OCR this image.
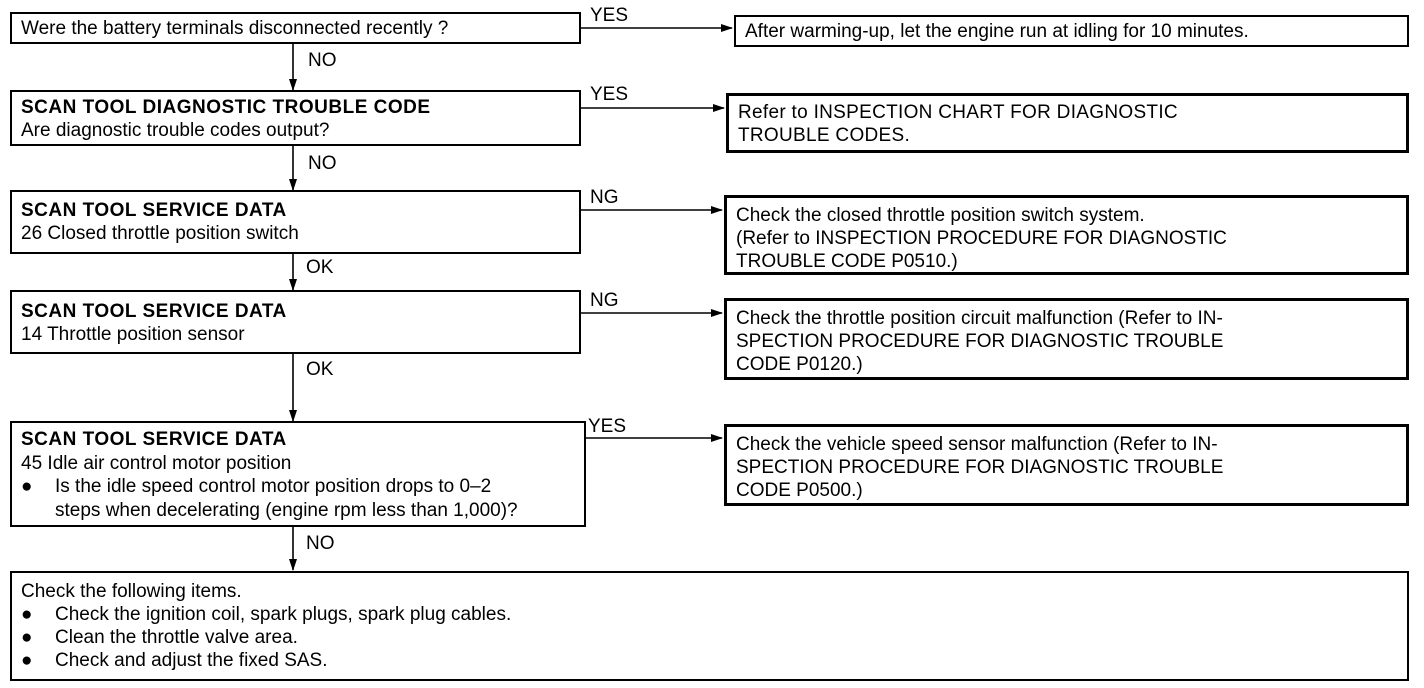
Were the battery terminals disconnected recently ?
SCAN TOOL DIAGNOSTIC TROUBLE CODE
Are diagnostic trouble codes output?
SCAN TOOL SERVICE DATA
26 Closed throttle position switch
SCAN TOOL SERVICE DATA
14 Throttle position sensor
SCAN TOOL SERVICE DATA
45 Idle air control motor position
●	Is the idle speed control motor position drops to 0–2
steps when decelerating (engine rpm less than 1,000)?
After warming-up, let the engine run at idling for 10 minutes.
Refer to INSPECTION CHART FOR DIAGNOSTIC
TROUBLE CODES.
Check the closed throttle position switch system.
(Refer to INSPECTION PROCEDURE FOR DIAGNOSTIC
TROUBLE CODE P0510.)
Check the throttle position circuit malfunction (Refer to IN-
SPECTION PROCEDURE FOR DIAGNOSTIC TROUBLE
CODE P0120.)
Check the vehicle speed sensor malfunction (Refer to IN-
SPECTION PROCEDURE FOR DIAGNOSTIC TROUBLE
CODE P0500.)
Check the following items.
●	Check the ignition coil, spark plugs, spark plug cables.
●	Clean the throttle valve area.
●	Check and adjust the fixed SAS.
YES
YES
NG
NG
YES
NO
NO
OK
OK
NO
